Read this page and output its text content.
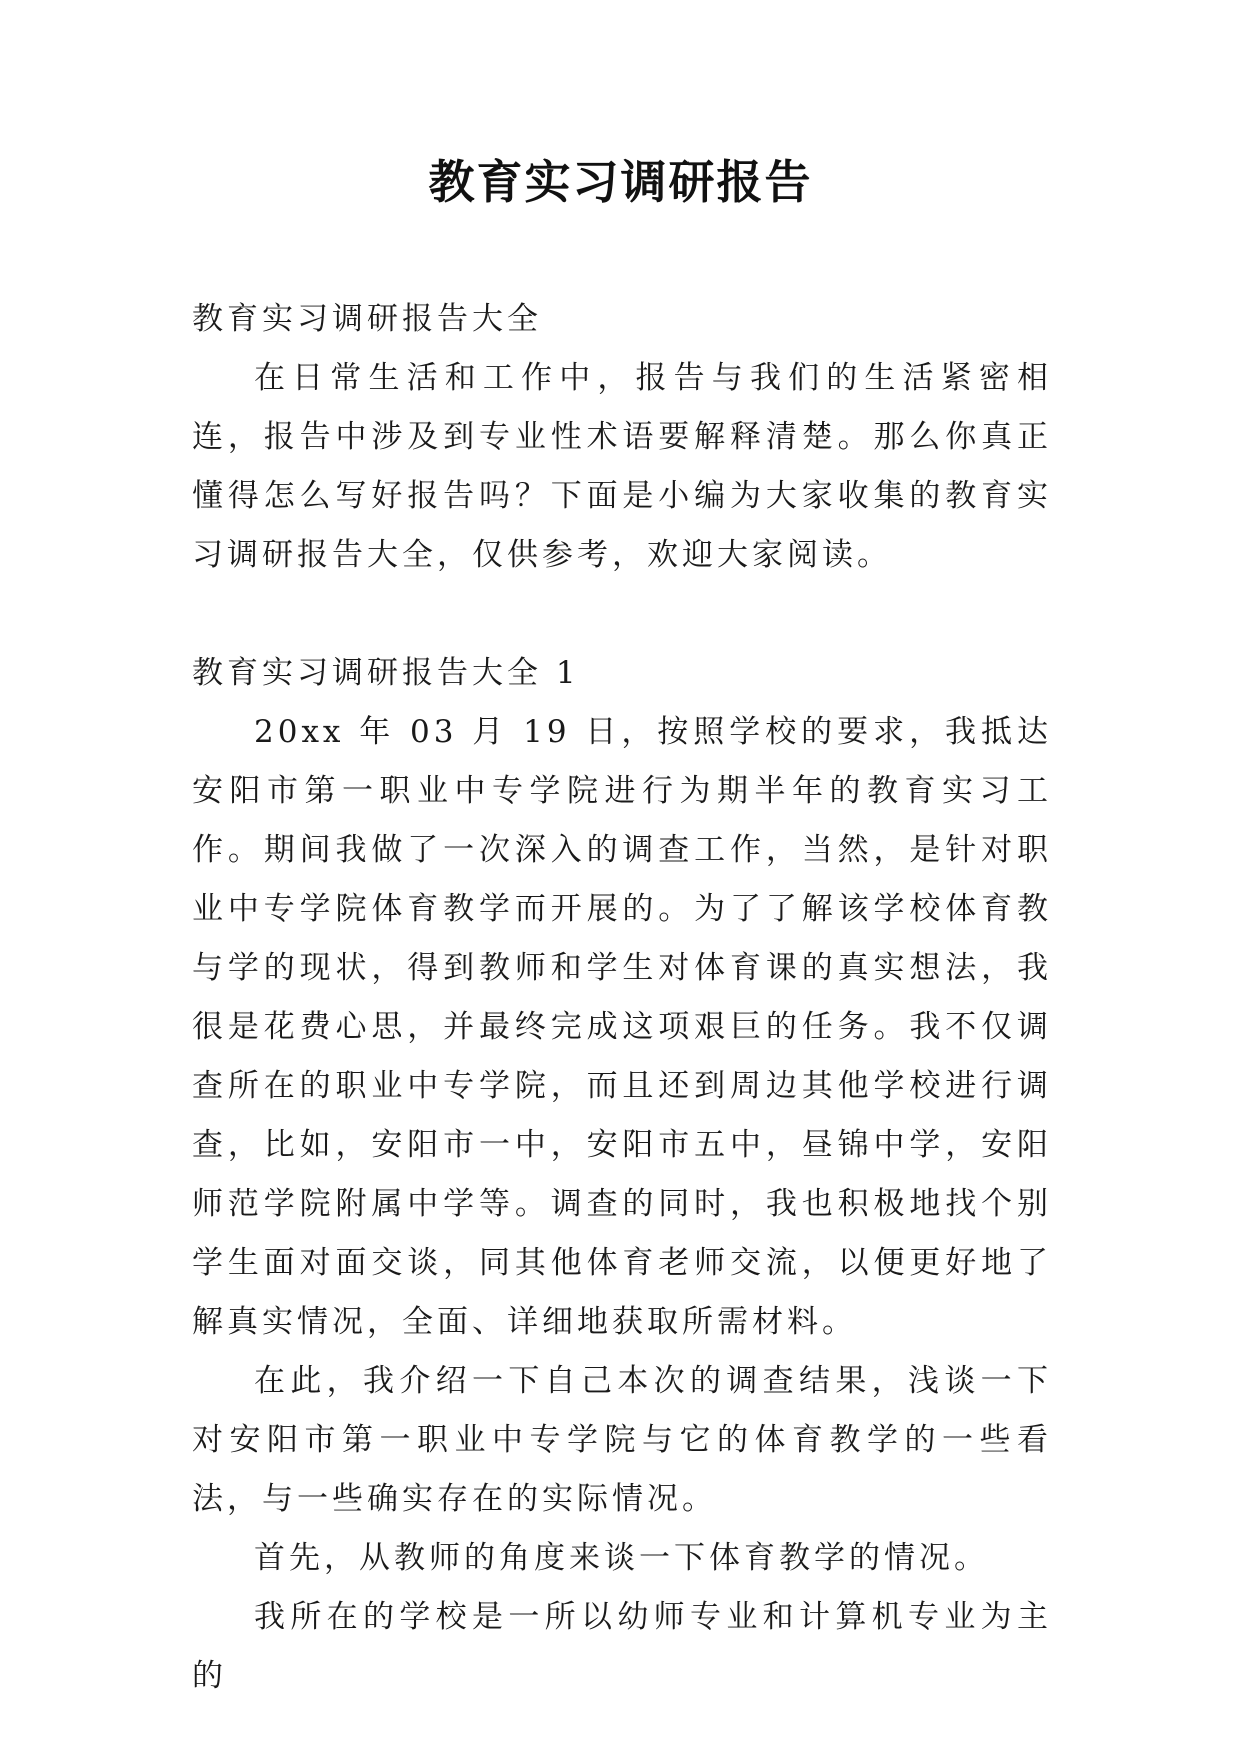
教育实习调研报告

教育实习调研报告大全

在日常生活和工作中，报告与我们的生活紧密相连，报告中涉及到专业性术语要解释清楚。那么你真正懂得怎么写好报告吗？下面是小编为大家收集的教育实习调研报告大全，仅供参考，欢迎大家阅读。

教育实习调研报告大全 1

20xx 年 03 月 19 日，按照学校的要求，我抵达安阳市第一职业中专学院进行为期半年的教育实习工作。期间我做了一次深入的调查工作，当然，是针对职业中专学院体育教学而开展的。为了了解该学校体育教与学的现状，得到教师和学生对体育课的真实想法，我很是花费心思，并最终完成这项艰巨的任务。我不仅调查所在的职业中专学院，而且还到周边其他学校进行调查，比如，安阳市一中，安阳市五中，昼锦中学，安阳师范学院附属中学等。调查的同时，我也积极地找个别学生面对面交谈，同其他体育老师交流，以便更好地了解真实情况，全面、详细地获取所需材料。

在此，我介绍一下自己本次的调查结果，浅谈一下对安阳市第一职业中专学院与它的体育教学的一些看法，与一些确实存在的实际情况。

首先，从教师的角度来谈一下体育教学的情况。

我所在的学校是一所以幼师专业和计算机专业为主的
